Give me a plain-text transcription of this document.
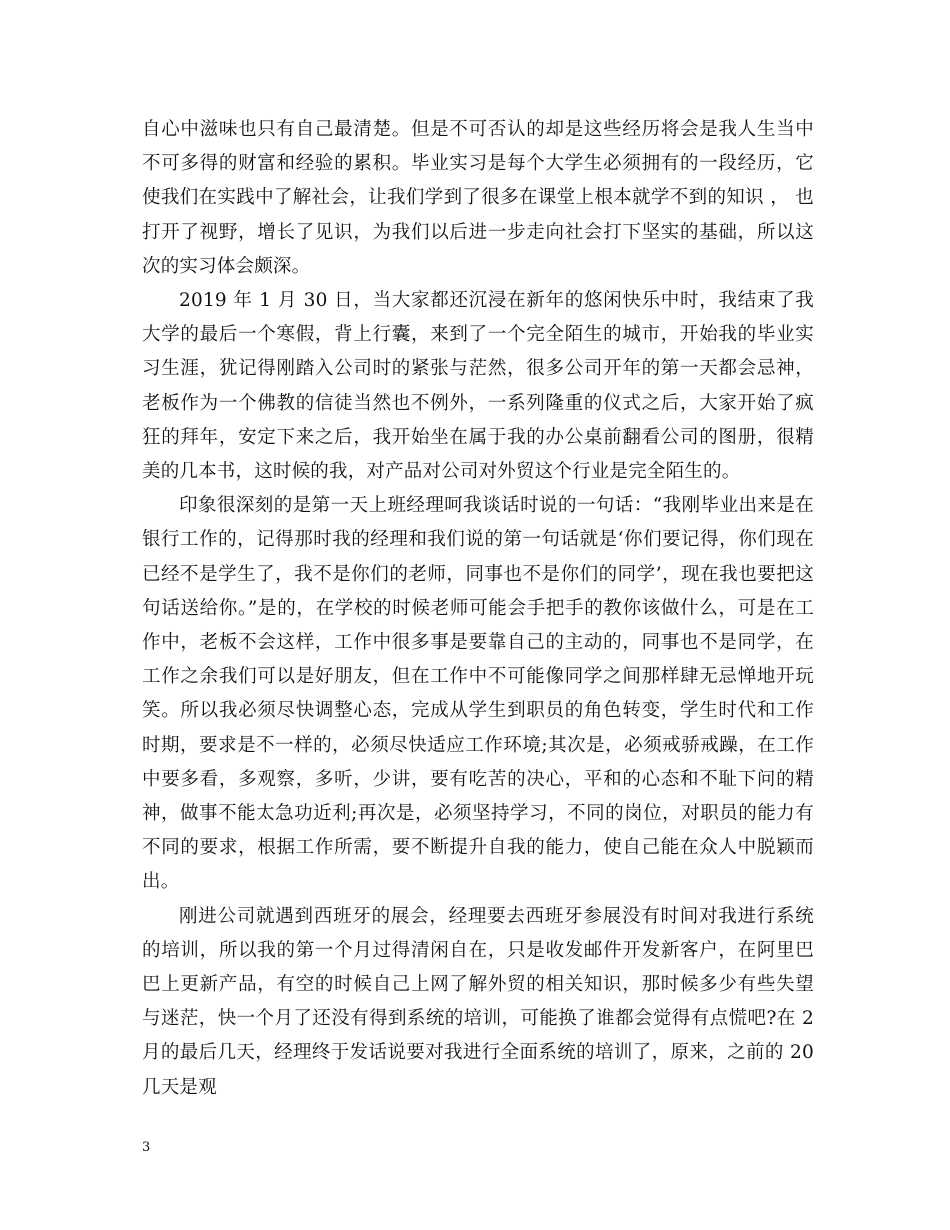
自心中滋味也只有自己最清楚。但是不可否认的却是这些经历将会是我人生当中不可多得的财富和经验的累积。毕业实习是每个大学生必须拥有的一段经历，它使我们在实践中了解社会，让我们学到了很多在课堂上根本就学不到的知识 ， 也打开了视野，增长了见识，为我们以后进一步走向社会打下坚实的基础，所以这次的实习体会颇深。

2019 年 1 月 30 日，当大家都还沉浸在新年的悠闲快乐中时，我结束了我大学的最后一个寒假，背上行囊，来到了一个完全陌生的城市，开始我的毕业实习生涯，犹记得刚踏入公司时的紧张与茫然，很多公司开年的第一天都会忌神，老板作为一个佛教的信徒当然也不例外，一系列隆重的仪式之后，大家开始了疯狂的拜年，安定下来之后，我开始坐在属于我的办公桌前翻看公司的图册，很精美的几本书，这时候的我，对产品对公司对外贸这个行业是完全陌生的。

印象很深刻的是第一天上班经理呵我谈话时说的一句话：“我刚毕业出来是在银行工作的，记得那时我的经理和我们说的第一句话就是‘你们要记得，你们现在已经不是学生了，我不是你们的老师，同事也不是你们的同学’，现在我也要把这句话送给你。”是的，在学校的时候老师可能会手把手的教你该做什么，可是在工作中，老板不会这样，工作中很多事是要靠自己的主动的，同事也不是同学，在工作之余我们可以是好朋友，但在工作中不可能像同学之间那样肆无忌惮地开玩笑。所以我必须尽快调整心态，完成从学生到职员的角色转变，学生时代和工作时期，要求是不一样的，必须尽快适应工作环境;其次是，必须戒骄戒躁，在工作中要多看，多观察，多听，少讲，要有吃苦的决心，平和的心态和不耻下问的精神，做事不能太急功近利;再次是，必须坚持学习，不同的岗位，对职员的能力有不同的要求，根据工作所需，要不断提升自我的能力，使自己能在众人中脱颖而出。

刚进公司就遇到西班牙的展会，经理要去西班牙参展没有时间对我进行系统的培训，所以我的第一个月过得清闲自在，只是收发邮件开发新客户，在阿里巴巴上更新产品，有空的时候自己上网了解外贸的相关知识，那时候多少有些失望与迷茫，快一个月了还没有得到系统的培训，可能换了谁都会觉得有点慌吧?在 2 月的最后几天，经理终于发话说要对我进行全面系统的培训了，原来，之前的 20 几天是观

3
